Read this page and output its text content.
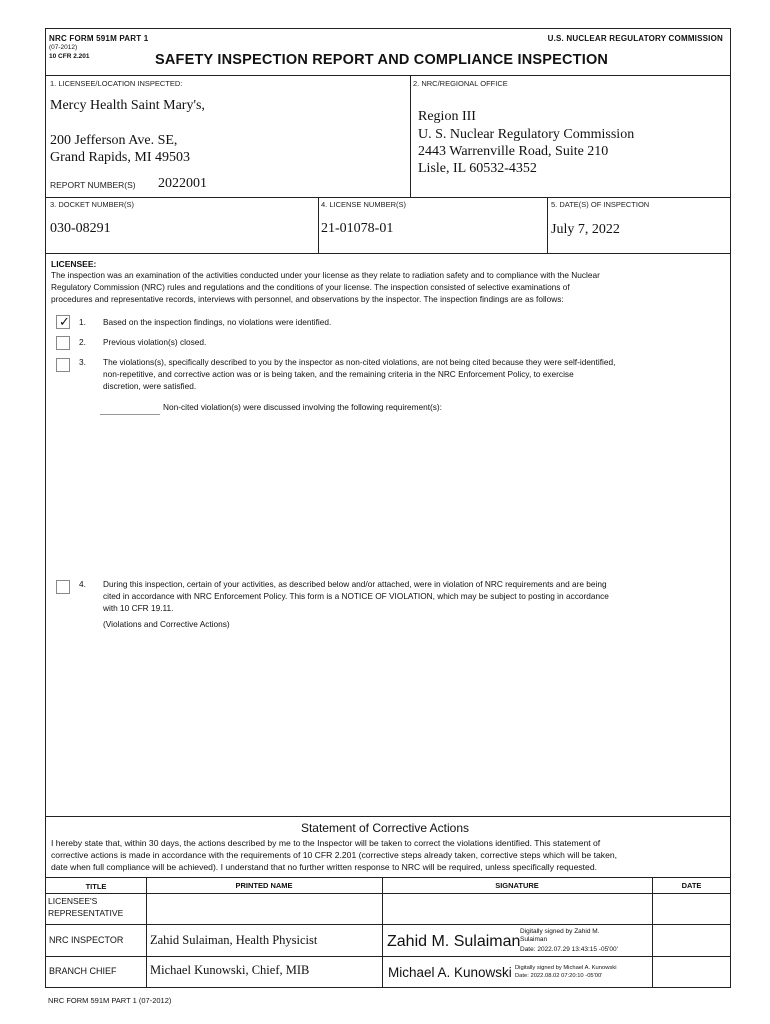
NRC FORM 591M PART 1
(07-2012)
10 CFR 2.201
U.S. NUCLEAR REGULATORY COMMISSION
SAFETY INSPECTION REPORT AND COMPLIANCE INSPECTION
1. LICENSEE/LOCATION INSPECTED:
Mercy Health Saint Mary's,
200 Jefferson Ave. SE,
Grand Rapids, MI 49503
REPORT NUMBER(S) 2022001
2. NRC/REGIONAL OFFICE
Region III
U. S. Nuclear Regulatory Commission
2443 Warrenville Road, Suite 210
Lisle, IL 60532-4352
3. DOCKET NUMBER(S)
030-08291
4. LICENSE NUMBER(S)
21-01078-01
5. DATE(S) OF INSPECTION
July 7, 2022
LICENSEE:
The inspection was an examination of the activities conducted under your license as they relate to radiation safety and to compliance with the Nuclear
Regulatory Commission (NRC) rules and regulations and the conditions of your license. The inspection consisted of selective examinations of
procedures and representative records, interviews with personnel, and observations by the inspector. The inspection findings are as follows:
✓ 1. Based on the inspection findings, no violations were identified.
2. Previous violation(s) closed.
3. The violations(s), specifically described to you by the inspector as non-cited violations, are not being cited because they were self-identified,
non-repetitive, and corrective action was or is being taken, and the remaining criteria in the NRC Enforcement Policy, to exercise
discretion, were satisfied.
Non-cited violation(s) were discussed involving the following requirement(s):
4. During this inspection, certain of your activities, as described below and/or attached, were in violation of NRC requirements and are being
cited in accordance with NRC Enforcement Policy. This form is a NOTICE OF VIOLATION, which may be subject to posting in accordance
with 10 CFR 19.11.
(Violations and Corrective Actions)
Statement of Corrective Actions
I hereby state that, within 30 days, the actions described by me to the Inspector will be taken to correct the violations identified. This statement of
corrective actions is made in accordance with the requirements of 10 CFR 2.201 (corrective steps already taken, corrective steps which will be taken,
date when full compliance will be achieved). I understand that no further written response to NRC will be required, unless specifically requested.
TITLE	PRINTED NAME	SIGNATURE	DATE
LICENSEE'S
REPRESENTATIVE
NRC INSPECTOR Zahid Sulaiman, Health Physicist	Zahid M. Sulaiman
Digitally signed by Zahid M.
Sulaiman
Date: 2022.07.29 13:43:15 -05'00'
BRANCH CHIEF	Michael Kunowski, Chief, MIB	Michael A. Kunowski Digitally signed by Michael A. Kunowski
Date: 2022.08.02 07:20:10 -05'00'
NRC FORM 591M PART 1 (07-2012)
